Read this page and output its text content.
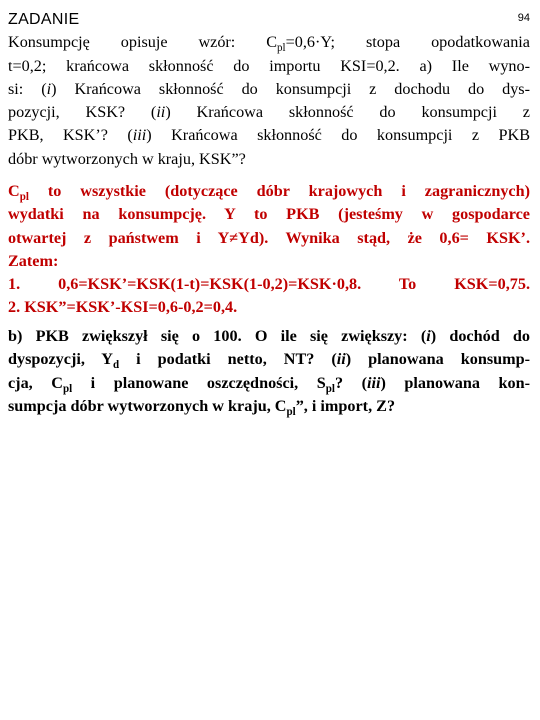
94
ZADANIE
Konsumpcję opisuje wzór: $C_{pl}=0,6\cdot Y$; stopa opodatkowania
t=0,2; krańcowa skłonność do importu KSI=0,2. a) Ile wyno-
si: (i) Krańcowa skłonność do konsumpcji z dochodu do dys-
pozycji, KSK? (ii) Krańcowa skłonność do konsumpcji z
PKB, KSK’? (iii) Krańcowa skłonność do konsumpcji z PKB
dóbr wytworzonych w kraju, KSK”?
$C_{pl}$ to wszystkie (dotyczące dóbr krajowych i zagranicznych)
wydatki na konsumpcję. Y to PKB (jesteśmy w gospodarce
otwartej z państwem i Y≠Yd). Wynika stąd, że 0,6= KSK’.
Zatem:
1. 0,6=KSK’=KSK(1-t)=KSK(1-0,2)=KSK·0,8. To KSK=0,75.
2. KSK”=KSK’-KSI=0,6-0,2=0,4.
b) PKB zwiększył się o 100. O ile się zwiększy: (i) dochód do
dyspozycji, $Y_d$ i podatki netto, NT? (ii) planowana konsump-
cja, $C_{pl}$ i planowane oszczędności, $S_{pl}$? (iii) planowana kon-
sumpcja dóbr wytworzonych w kraju, $C_{pl}$”, i import, Z?
